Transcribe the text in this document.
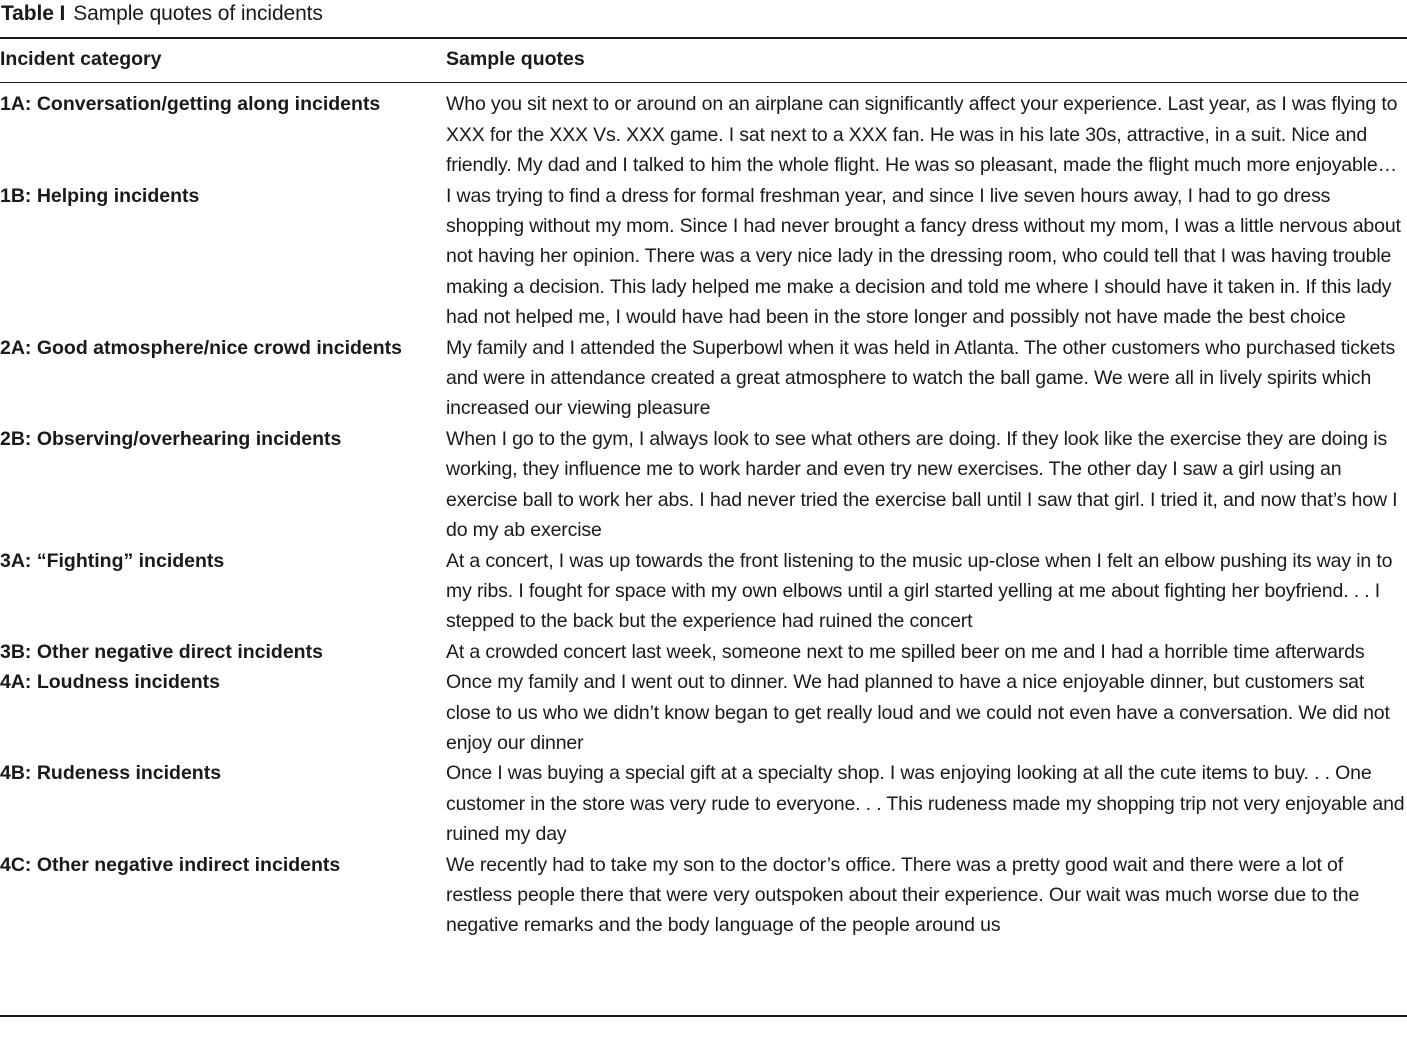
Table I Sample quotes of incidents
Incident category	Sample quotes
1A: Conversation/getting along incidents	Who you sit next to or around on an airplane can significantly affect your experience. Last year, as I was flying to XXX for the XXX Vs. XXX game. I sat next to a XXX fan. He was in his late 30s, attractive, in a suit. Nice and friendly. My dad and I talked to him the whole flight. He was so pleasant, made the flight much more enjoyable…
1B: Helping incidents	I was trying to find a dress for formal freshman year, and since I live seven hours away, I had to go dress shopping without my mom. Since I had never brought a fancy dress without my mom, I was a little nervous about not having her opinion. There was a very nice lady in the dressing room, who could tell that I was having trouble making a decision. This lady helped me make a decision and told me where I should have it taken in. If this lady had not helped me, I would have had been in the store longer and possibly not have made the best choice
2A: Good atmosphere/nice crowd incidents	My family and I attended the Superbowl when it was held in Atlanta. The other customers who purchased tickets and were in attendance created a great atmosphere to watch the ball game. We were all in lively spirits which increased our viewing pleasure
2B: Observing/overhearing incidents	When I go to the gym, I always look to see what others are doing. If they look like the exercise they are doing is working, they influence me to work harder and even try new exercises. The other day I saw a girl using an exercise ball to work her abs. I had never tried the exercise ball until I saw that girl. I tried it, and now that’s how I do my ab exercise
3A: “Fighting” incidents	At a concert, I was up towards the front listening to the music up-close when I felt an elbow pushing its way in to my ribs. I fought for space with my own elbows until a girl started yelling at me about fighting her boyfriend. . . I stepped to the back but the experience had ruined the concert
3B: Other negative direct incidents	At a crowded concert last week, someone next to me spilled beer on me and I had a horrible time afterwards
4A: Loudness incidents	Once my family and I went out to dinner. We had planned to have a nice enjoyable dinner, but customers sat close to us who we didn’t know began to get really loud and we could not even have a conversation. We did not enjoy our dinner
4B: Rudeness incidents	Once I was buying a special gift at a specialty shop. I was enjoying looking at all the cute items to buy. . . One customer in the store was very rude to everyone. . . This rudeness made my shopping trip not very enjoyable and ruined my day
4C: Other negative indirect incidents	We recently had to take my son to the doctor’s office. There was a pretty good wait and there were a lot of restless people there that were very outspoken about their experience. Our wait was much worse due to the negative remarks and the body language of the people around us
